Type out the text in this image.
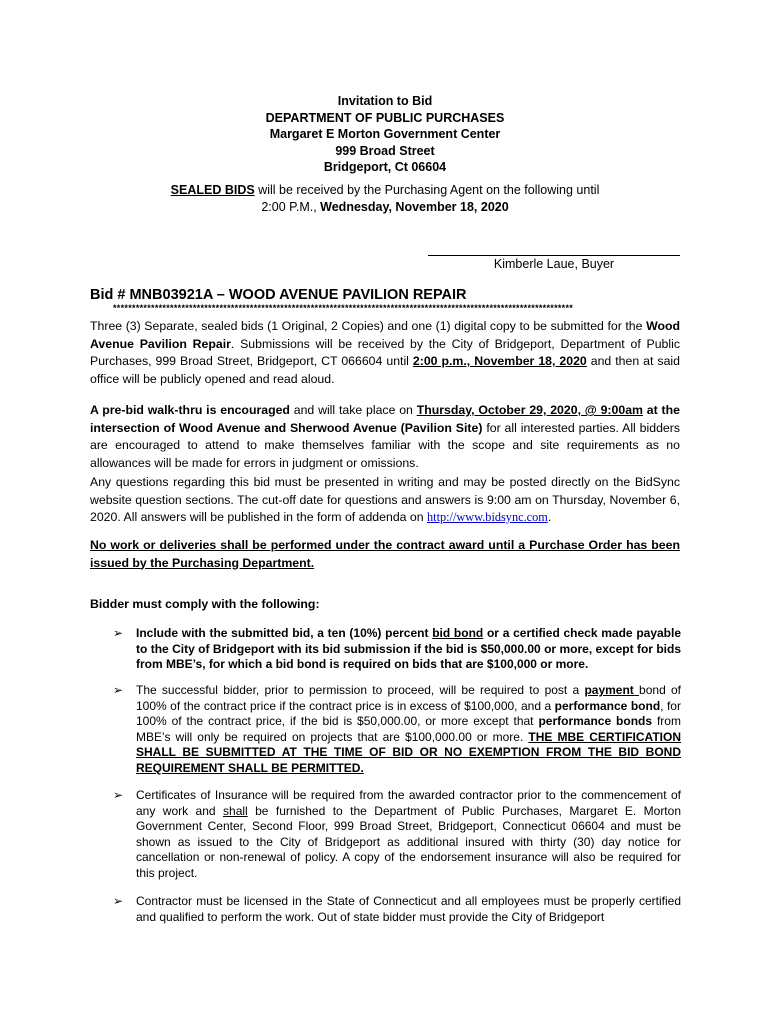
Invitation to Bid
DEPARTMENT OF PUBLIC PURCHASES
Margaret E Morton Government Center
999 Broad Street
Bridgeport, Ct 06604
SEALED BIDS will be received by the Purchasing Agent on the following until
2:00 P.M., Wednesday, November 18, 2020
Kimberle Laue, Buyer
Bid # MNB03921A – WOOD AVENUE PAVILION REPAIR
*************************************************************************************************************************
Three (3) Separate, sealed bids (1 Original, 2 Copies) and one (1) digital copy to be submitted for the Wood Avenue Pavilion Repair. Submissions will be received by the City of Bridgeport, Department of Public Purchases, 999 Broad Street, Bridgeport, CT 066604 until 2:00 p.m., November 18, 2020 and then at said office will be publicly opened and read aloud.
A pre-bid walk-thru is encouraged and will take place on Thursday, October 29, 2020, @ 9:00am at the intersection of Wood Avenue and Sherwood Avenue (Pavilion Site) for all interested parties. All bidders are encouraged to attend to make themselves familiar with the scope and site requirements as no allowances will be made for errors in judgment or omissions.
Any questions regarding this bid must be presented in writing and may be posted directly on the BidSync website question sections. The cut-off date for questions and answers is 9:00 am on Thursday, November 6, 2020. All answers will be published in the form of addenda on http://www.bidsync.com.
No work or deliveries shall be performed under the contract award until a Purchase Order has been issued by the Purchasing Department.
Bidder must comply with the following:
➢ Include with the submitted bid, a ten (10%) percent bid bond or a certified check made payable to the City of Bridgeport with its bid submission if the bid is $50,000.00 or more, except for bids from MBE’s, for which a bid bond is required on bids that are $100,000 or more.
➢ The successful bidder, prior to permission to proceed, will be required to post a payment bond of 100% of the contract price if the contract price is in excess of $100,000, and a performance bond, for 100% of the contract price, if the bid is $50,000.00, or more except that performance bonds from MBE’s will only be required on projects that are $100,000.00 or more. THE MBE CERTIFICATION SHALL BE SUBMITTED AT THE TIME OF BID OR NO EXEMPTION FROM THE BID BOND REQUIREMENT SHALL BE PERMITTED.
➢ Certificates of Insurance will be required from the awarded contractor prior to the commencement of any work and shall be furnished to the Department of Public Purchases, Margaret E. Morton Government Center, Second Floor, 999 Broad Street, Bridgeport, Connecticut 06604 and must be shown as issued to the City of Bridgeport as additional insured with thirty (30) day notice for cancellation or non-renewal of policy. A copy of the endorsement insurance will also be required for this project.
➢ Contractor must be licensed in the State of Connecticut and all employees must be properly certified and qualified to perform the work. Out of state bidder must provide the City of Bridgeport
